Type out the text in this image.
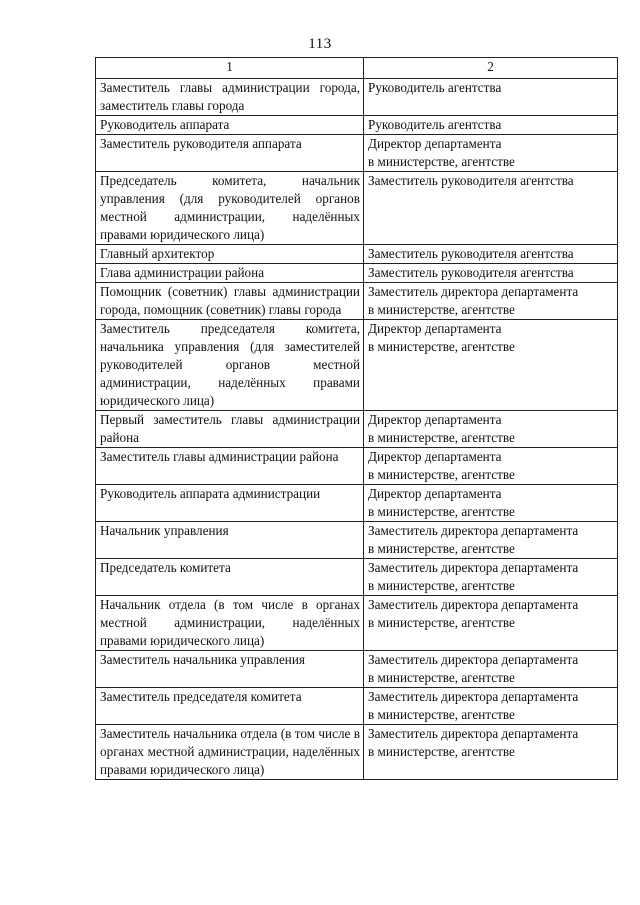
113
1	2
Заместитель главы администрации города, заместитель главы города	Руководитель агентства
Руководитель аппарата	Руководитель агентства
Заместитель руководителя аппарата	Директор департамента
в министерстве, агентстве
Председатель комитета, начальник управления (для руководителей органов местной администрации, наделённых правами юридического лица)	Заместитель руководителя агентства
Главный архитектор	Заместитель руководителя агентства
Глава администрации района	Заместитель руководителя агентства
Помощник (советник) главы администрации города, помощник (советник) главы города	Заместитель директора департамента
в министерстве, агентстве
Заместитель председателя комитета, начальника управления (для заместителей руководителей органов местной администрации, наделённых правами юридического лица)	Директор департамента
в министерстве, агентстве
Первый заместитель главы администрации района	Директор департамента
в министерстве, агентстве
Заместитель главы администрации района	Директор департамента
в министерстве, агентстве
Руководитель аппарата администрации	Директор департамента
в министерстве, агентстве
Начальник управления	Заместитель директора департамента
в министерстве, агентстве
Председатель комитета	Заместитель директора департамента
в министерстве, агентстве
Начальник отдела (в том числе в органах местной администрации, наделённых правами юридического лица)	Заместитель директора департамента
в министерстве, агентстве
Заместитель начальника управления	Заместитель директора департамента
в министерстве, агентстве
Заместитель председателя комитета	Заместитель директора департамента
в министерстве, агентстве
Заместитель начальника отдела (в том числе в органах местной администрации, наделённых правами юридического лица)	Заместитель директора департамента
в министерстве, агентстве
